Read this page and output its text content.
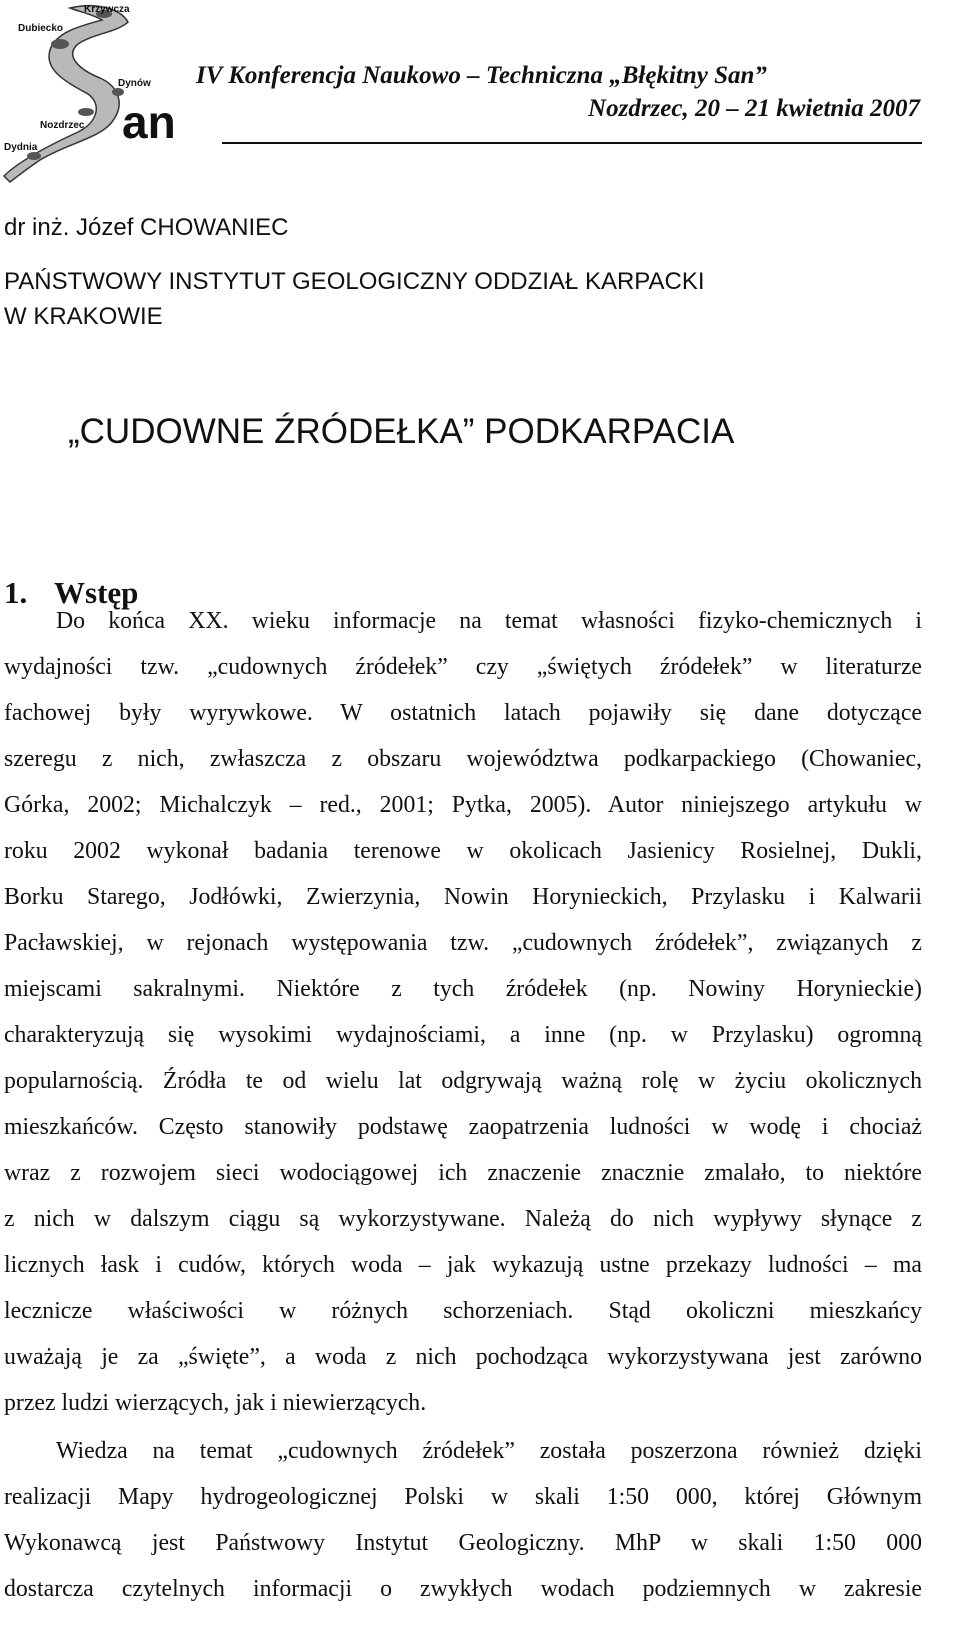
Krzywcza
Dubiecko
Dynów
Nozdrzec
Dydnia an
IV Konferencja Naukowo – Techniczna „Błękitny San”
Nozdrzec, 20 – 21 kwietnia 2007
dr inż. Józef CHOWANIEC
PAŃSTWOWY INSTYTUT GEOLOGICZNY ODDZIAŁ KARPACKI
W KRAKOWIE
„CUDOWNE ŹRÓDEŁKA” PODKARPACIA
1. Wstęp
Do końca XX. wieku informacje na temat własności fizyko-chemicznych i
wydajności tzw. „cudownych źródełek” czy „świętych źródełek” w literaturze
fachowej były wyrywkowe. W ostatnich latach pojawiły się dane dotyczące
szeregu z nich, zwłaszcza z obszaru województwa podkarpackiego (Chowaniec,
Górka, 2002; Michalczyk – red., 2001; Pytka, 2005). Autor niniejszego artykułu w
roku 2002 wykonał badania terenowe w okolicach Jasienicy Rosielnej, Dukli,
Borku Starego, Jodłówki, Zwierzynia, Nowin Horynieckich, Przylasku i Kalwarii
Pacławskiej, w rejonach występowania tzw. „cudownych źródełek”, związanych z
miejscami sakralnymi. Niektóre z tych źródełek (np. Nowiny Horynieckie)
charakteryzują się wysokimi wydajnościami, a inne (np. w Przylasku) ogromną
popularnością. Źródła te od wielu lat odgrywają ważną rolę w życiu okolicznych
mieszkańców. Często stanowiły podstawę zaopatrzenia ludności w wodę i chociaż
wraz z rozwojem sieci wodociągowej ich znaczenie znacznie zmalało, to niektóre
z nich w dalszym ciągu są wykorzystywane. Należą do nich wypływy słynące z
licznych łask i cudów, których woda – jak wykazują ustne przekazy ludności – ma
lecznicze właściwości w różnych schorzeniach. Stąd okoliczni mieszkańcy
uważają je za „święte”, a woda z nich pochodząca wykorzystywana jest zarówno
przez ludzi wierzących, jak i niewierzących.
Wiedza na temat „cudownych źródełek” została poszerzona również dzięki
realizacji Mapy hydrogeologicznej Polski w skali 1:50 000, której Głównym
Wykonawcą jest Państwowy Instytut Geologiczny. MhP w skali 1:50 000
dostarcza czytelnych informacji o zwykłych wodach podziemnych w zakresie
